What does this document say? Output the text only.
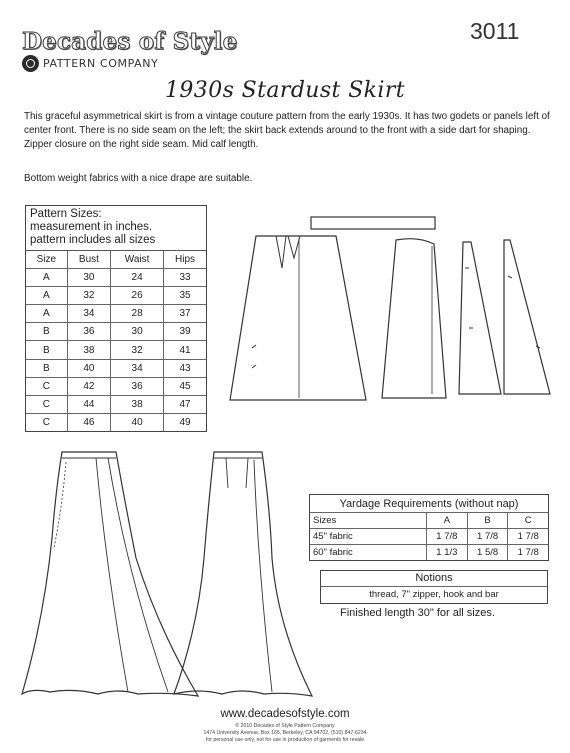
Decades of Style
PATTERN COMPANY
3011
1930s Stardust Skirt
This graceful asymmetrical skirt is from a vintage couture pattern from the early 1930s. It has two godets or panels left of center front. There is no side seam on the left; the skirt back extends around to the front with a side dart for shaping. Zipper closure on the right side seam. Mid calf length.
Bottom weight fabrics with a nice drape are suitable.
Pattern Sizes:
measurement in inches.
pattern includes all sizes
Size	Bust	Waist	Hips
A	30	24	33
A	32	26	35
A	34	28	37
B	36	30	39
B	38	32	41
B	40	34	43
C	42	36	45
C	44	38	47
C	46	40	49
Yardage Requirements (without nap)			
Sizes	A	B	C
45" fabric	1 7/8	1 7/8	1 7/8
60" fabric	1 1/3	1 5/8	1 7/8
Notions
thread, 7" zipper, hook and bar
Finished length 30" for all sizes.
www.decadesofstyle.com
© 2010 Decades of Style Pattern Company
1474 University Avenue, Box 165, Berkeley, CA 94702, (510) 847-6234
for personal use only, not for use in production of garments for resale
